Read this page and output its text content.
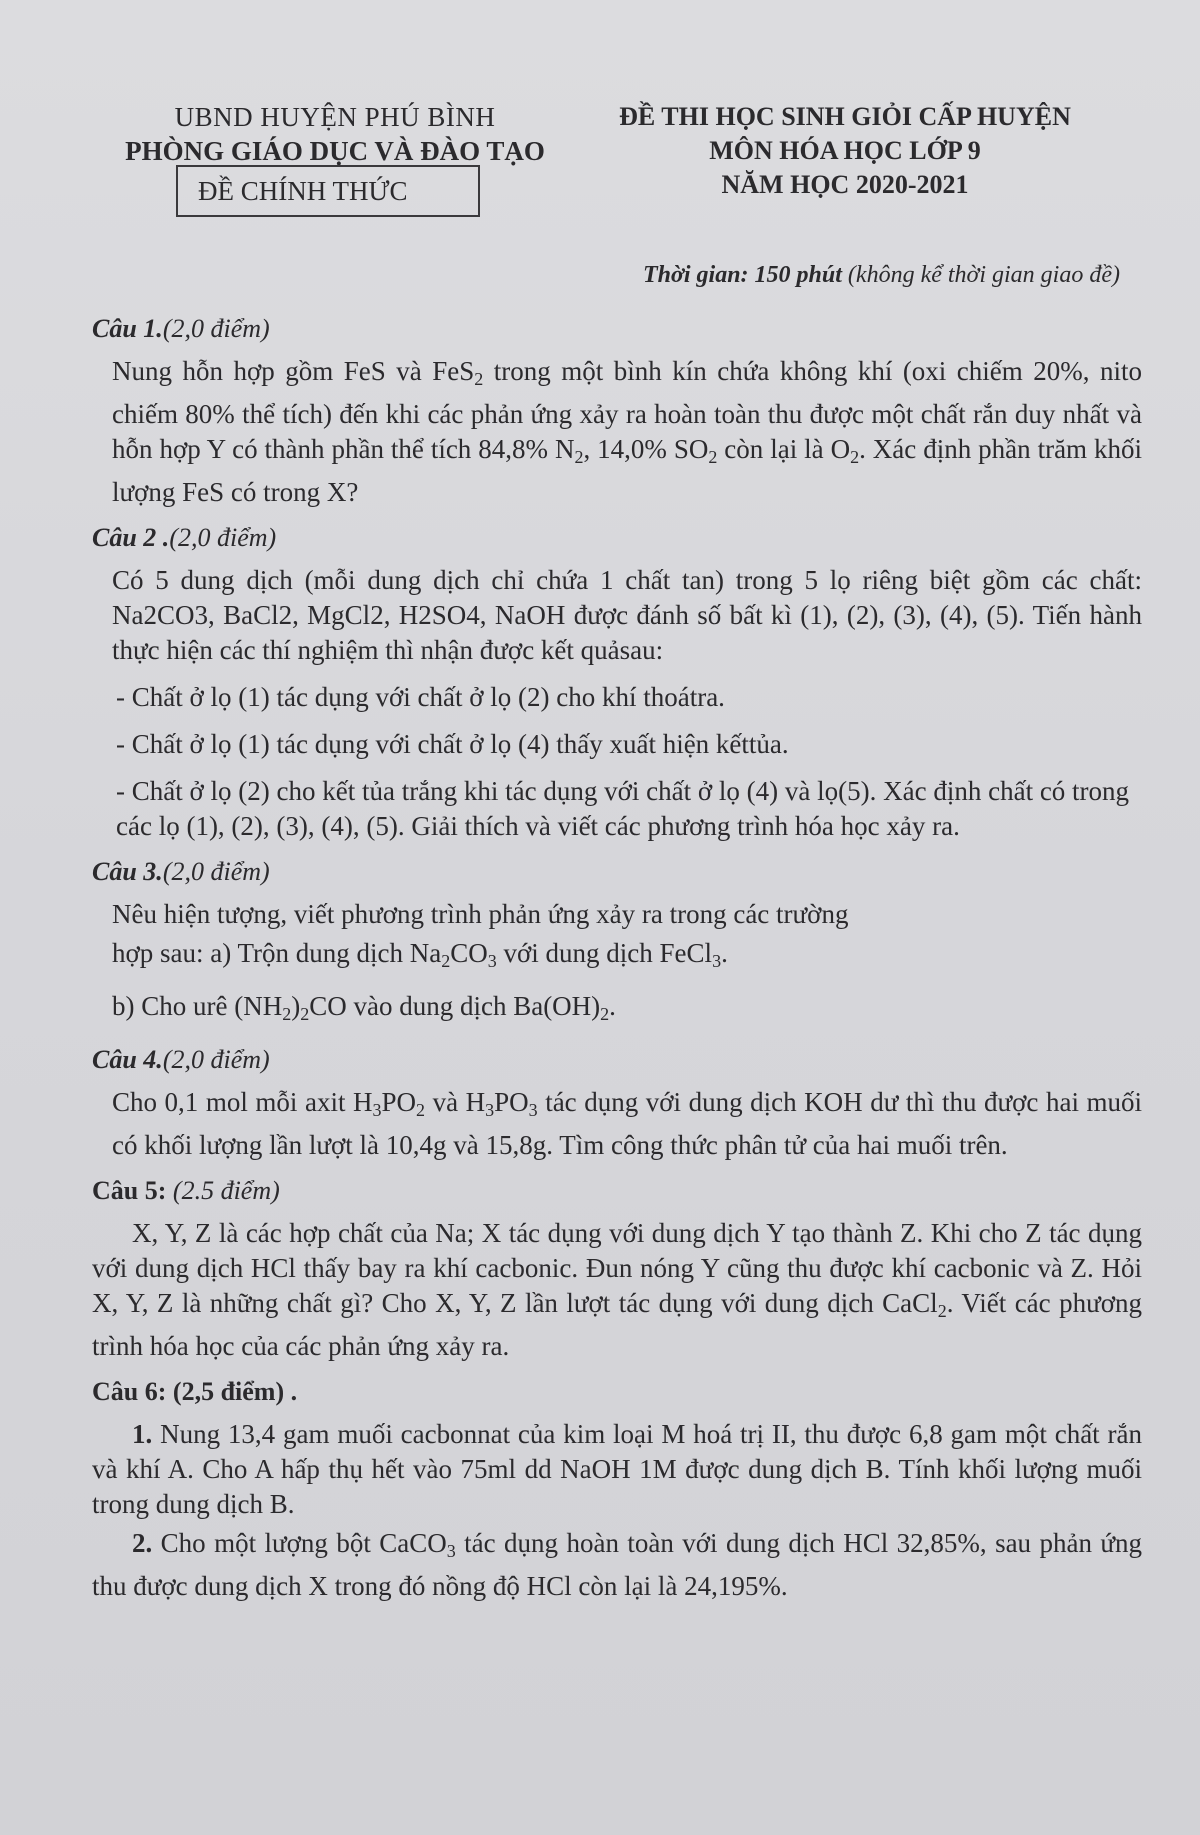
UBND HUYỆN PHÚ BÌNH
PHÒNG GIÁO DỤC VÀ ĐÀO TẠO
ĐỀ CHÍNH THỨC
ĐỀ THI HỌC SINH GIỎI CẤP HUYỆN
MÔN HÓA HỌC LỚP 9
NĂM HỌC 2020-2021
Thời gian: 150 phút (không kể thời gian giao đề)
Câu 1.(2,0 điểm)
Nung hỗn hợp gồm FeS và FeS$_2$ trong một bình kín chứa không khí (oxi chiếm 20%, nito chiếm 80% thể tích) đến khi các phản ứng xảy ra hoàn toàn thu được một chất rắn duy nhất và hỗn hợp Y có thành phần thể tích 84,8% $N_2$, 14,0% $SO_2$ còn lại là $O_2$. Xác định phần trăm khối lượng FeS có trong X?
Câu 2 .(2,0 điểm)
Có 5 dung dịch (mỗi dung dịch chỉ chứa 1 chất tan) trong 5 lọ riêng biệt gồm các chất: Na2CO3, BaCl2, MgCl2, H2SO4, NaOH được đánh số bất kì (1), (2), (3), (4), (5). Tiến hành thực hiện các thí nghiệm thì nhận được kết quảsau:
- Chất ở lọ (1) tác dụng với chất ở lọ (2) cho khí thoátra.
- Chất ở lọ (1) tác dụng với chất ở lọ (4) thấy xuất hiện kếttủa.
- Chất ở lọ (2) cho kết tủa trắng khi tác dụng với chất ở lọ (4) và lọ(5). Xác định chất có trong các lọ (1), (2), (3), (4), (5). Giải thích và viết các phương trình hóa học xảy ra.
Câu 3.(2,0 điểm)
Nêu hiện tượng, viết phương trình phản ứng xảy ra trong các trường
hợp sau: a) Trộn dung dịch $Na_2CO_3$ với dung dịch FeCl$_3$.
b) Cho urê $(NH_2)_2CO$ vào dung dịch $Ba(OH)_2$.
Câu 4.(2,0 điểm)
Cho 0,1 mol mỗi axit $H_3PO_2$ và $H_3PO_3$ tác dụng với dung dịch KOH dư thì thu được hai muối có khối lượng lần lượt là 10,4g và 15,8g. Tìm công thức phân tử của hai muối trên.
Câu 5: (2.5 điểm)
X, Y, Z là các hợp chất của Na; X tác dụng với dung dịch Y tạo thành Z. Khi cho Z tác dụng với dung dịch HCl thấy bay ra khí cacbonic. Đun nóng Y cũng thu được khí cacbonic và Z. Hỏi X, Y, Z là những chất gì? Cho X, Y, Z lần lượt tác dụng với dung dịch CaCl$_2$. Viết các phương trình hóa học của các phản ứng xảy ra.
Câu 6: (2,5 điểm) .
1. Nung 13,4 gam muối cacbonnat của kim loại M hoá trị II, thu được 6,8 gam một chất rắn và khí A. Cho A hấp thụ hết vào 75ml dd NaOH 1M được dung dịch B. Tính khối lượng muối trong dung dịch B.
2. Cho một lượng bột CaCO$_3$ tác dụng hoàn toàn với dung dịch HCl 32,85%, sau phản ứng thu được dung dịch X trong đó nồng độ HCl còn lại là 24,195%.
